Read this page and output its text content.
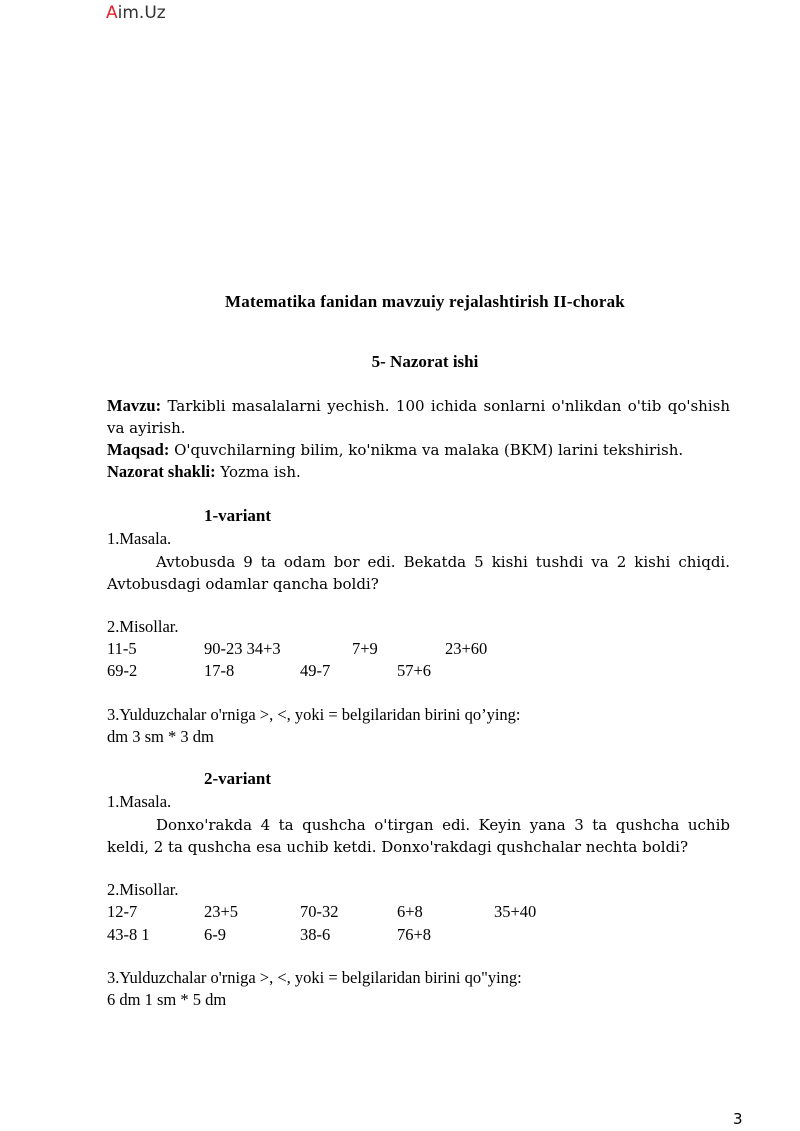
Aim.Uz
Matematika fanidan mavzuiy rejalashtirish II-chorak
5- Nazorat ishi
Mavzu: Tarkibli masalalarni yechish. 100 ichida sonlarni o'nlikdan o'tib qo'shish va ayirish.
Maqsad: O'quvchilarning bilim, ko'nikma va malaka (BKM) larini tekshirish.
Nazorat shakli: Yozma ish.
1-variant
1.Masala.
Avtobusda 9 ta odam bor edi. Bekatda 5 kishi tushdi va 2 kishi chiqdi. Avtobusdagi odamlar qancha boldi?
2.Misollar.
11-5	90-23 34+3	7+9	23+60
69-2	17-8	49-7	57+6
3.Yulduzchalar o'rniga >, <, yoki = belgilaridan birini qo’ying:
dm 3 sm * 3 dm
2-variant
1.Masala.
Donxo'rakda 4 ta qushcha o'tirgan edi. Keyin yana 3 ta qushcha uchib keldi, 2 ta qushcha esa uchib ketdi. Donxo'rakdagi qushchalar nechta boldi?
2.Misollar.
12-7	23+5	70-32	6+8	35+40
43-8 1	6-9	38-6	76+8
3.Yulduzchalar o'rniga >, <, yoki = belgilaridan birini qo"ying:
6 dm 1 sm * 5 dm
3
